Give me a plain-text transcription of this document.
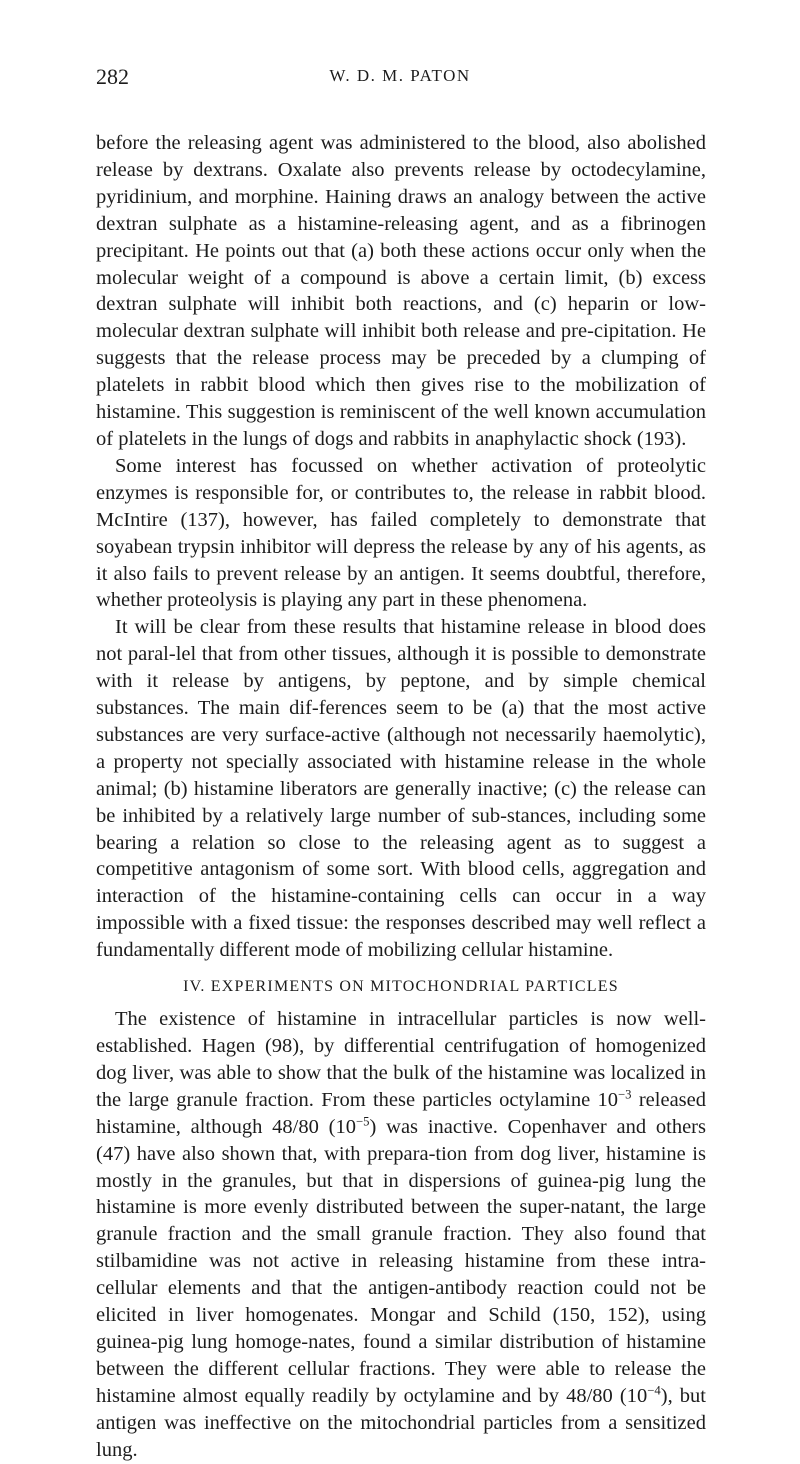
282	W. D. M. PATON

before the releasing agent was administered to the blood, also abolished release by dextrans. Oxalate also prevents release by octodecylamine, pyridinium, and morphine. Haining draws an analogy between the active dextran sulphate as a histamine-releasing agent, and as a fibrinogen precipitant. He points out that (a) both these actions occur only when the molecular weight of a compound is above a certain limit, (b) excess dextran sulphate will inhibit both reactions, and (c) heparin or low-molecular dextran sulphate will inhibit both release and pre-cipitation. He suggests that the release process may be preceded by a clumping of platelets in rabbit blood which then gives rise to the mobilization of histamine. This suggestion is reminiscent of the well known accumulation of platelets in the lungs of dogs and rabbits in anaphylactic shock (193).

Some interest has focussed on whether activation of proteolytic enzymes is responsible for, or contributes to, the release in rabbit blood. McIntire (137), however, has failed completely to demonstrate that soyabean trypsin inhibitor will depress the release by any of his agents, as it also fails to prevent release by an antigen. It seems doubtful, therefore, whether proteolysis is playing any part in these phenomena.

It will be clear from these results that histamine release in blood does not paral-lel that from other tissues, although it is possible to demonstrate with it release by antigens, by peptone, and by simple chemical substances. The main dif-ferences seem to be (a) that the most active substances are very surface-active (although not necessarily haemolytic), a property not specially associated with histamine release in the whole animal; (b) histamine liberators are generally inactive; (c) the release can be inhibited by a relatively large number of sub-stances, including some bearing a relation so close to the releasing agent as to suggest a competitive antagonism of some sort. With blood cells, aggregation and interaction of the histamine-containing cells can occur in a way impossible with a fixed tissue: the responses described may well reflect a fundamentally different mode of mobilizing cellular histamine.

IV. EXPERIMENTS ON MITOCHONDRIAL PARTICLES

The existence of histamine in intracellular particles is now well-established. Hagen (98), by differential centrifugation of homogenized dog liver, was able to show that the bulk of the histamine was localized in the large granule fraction. From these particles octylamine $10^{-3}$ released histamine, although 48/80 $(10^{-5})$ was inactive. Copenhaver and others (47) have also shown that, with prepara-tion from dog liver, histamine is mostly in the granules, but that in dispersions of guinea-pig lung the histamine is more evenly distributed between the super-natant, the large granule fraction and the small granule fraction. They also found that stilbamidine was not active in releasing histamine from these intra-cellular elements and that the antigen-antibody reaction could not be elicited in liver homogenates. Mongar and Schild (150, 152), using guinea-pig lung homoge-nates, found a similar distribution of histamine between the different cellular fractions. They were able to release the histamine almost equally readily by octylamine and by 48/80 $(10^{-4})$, but antigen was ineffective on the mitochondrial particles from a sensitized lung.
